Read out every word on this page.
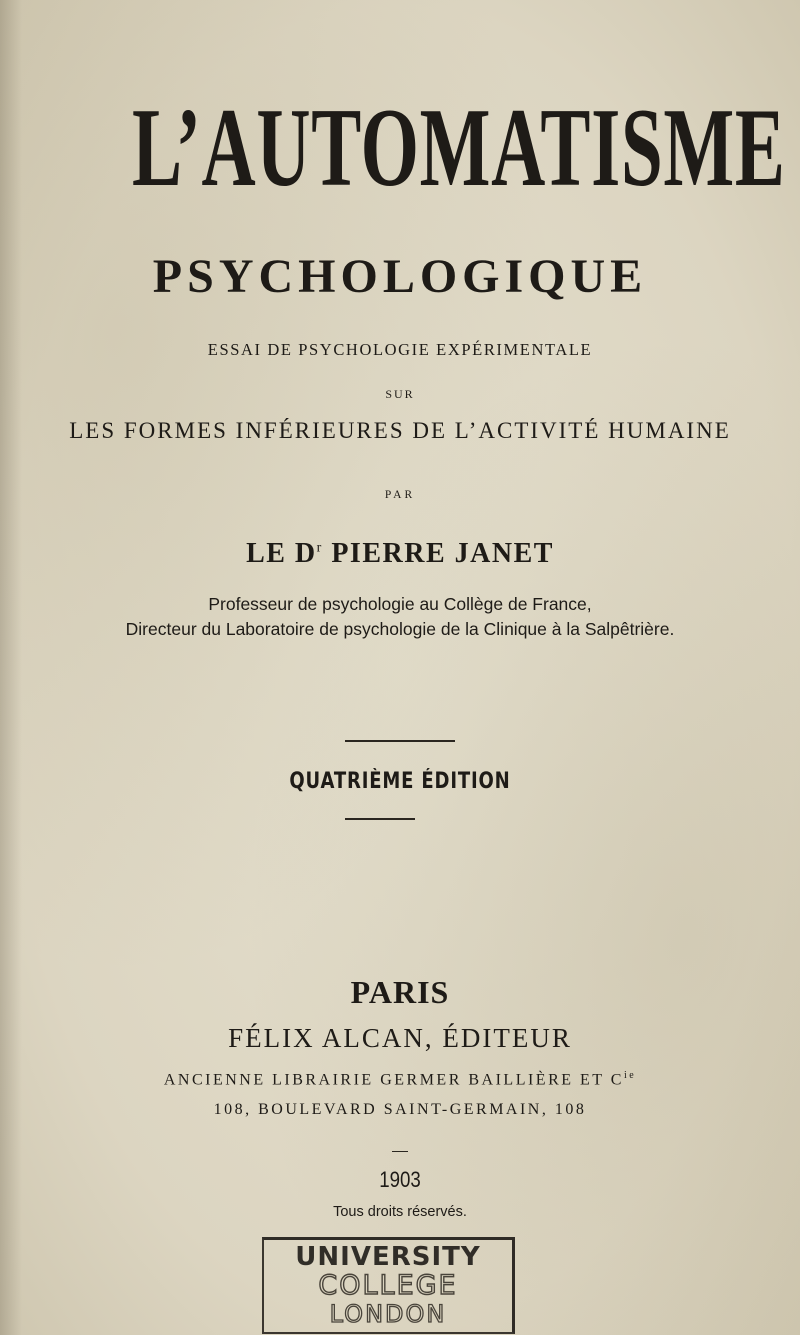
L’AUTOMATISME
PSYCHOLOGIQUE
ESSAI DE PSYCHOLOGIE EXPÉRIMENTALE
SUR
LES FORMES INFÉRIEURES DE L’ACTIVITÉ HUMAINE
PAR
LE $D^r$ PIERRE JANET
Professeur de psychologie au Collège de France,
Directeur du Laboratoire de psychologie de la Clinique à la Salpêtrière.
QUATRIÈME ÉDITION
PARIS
FÉLIX ALCAN, ÉDITEUR
ANCIENNE LIBRAIRIE GERMER BAILLIÈRE ET $C^{ie}$
108, BOULEVARD SAINT-GERMAIN, 108
1903
Tous droits réservés.
UNIVERSITY
COLLEGE
LONDON
